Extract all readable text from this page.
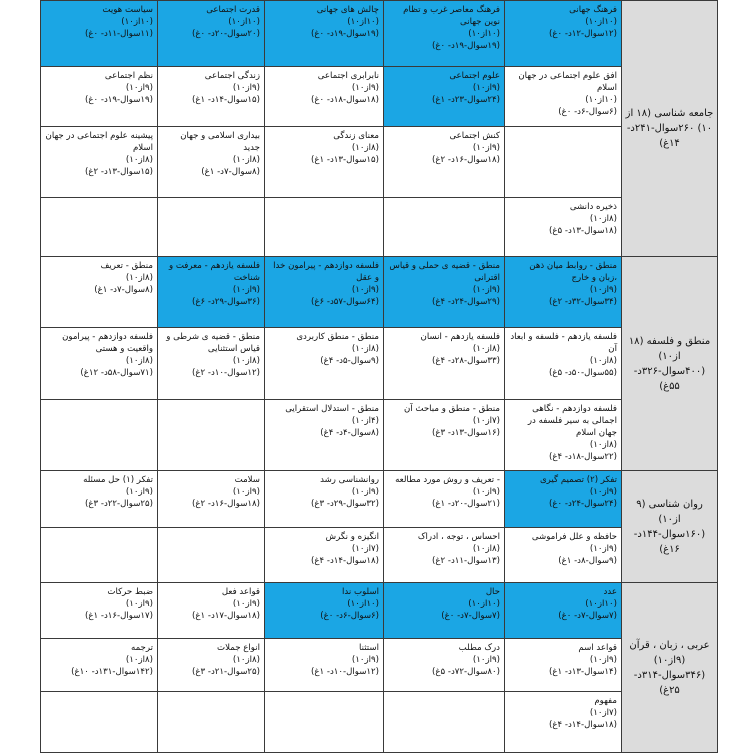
جامعه شناسی (۱۸ از ۱۰) ۲۶۰سوال-۲۴۱د- ۱۴غ)
منطق و فلسفه (۱۸ از۱۰) (۴۰۰سوال-۳۲۶د- ۵۵غ)
روان شناسی (۹ از۱۰) (۱۶۰سوال-۱۴۴د- ۱۶غ)
عربی ، زبان ، قرآن (۹از۱۰) (۳۴۶سوال-۳۱۴د- ۲۵غ)
فرهنگ جهانی
(۱۰از۱۰)
(۱۲سوال-۱۲د- ۰غ)
فرهنگ معاصر غرب و تظام نوین جهانی
(۱۰از۱۰)
(۱۹سوال-۱۹د- ۰غ)
چالش های جهانی
(۱۰از۱۰)
(۱۹سوال-۱۹د- ۰غ)
قدرت اجتماعی
(۱۰از۱۰)
(۲۰سوال-۲۰د- ۰غ)
سیاست هویت
(۱۰از۱۰)
(۱۱سوال-۱۱د- ۰غ)
افق علوم اجتماعی در جهان اسلام
(۱۰از۱۰)
(۶سوال-۶د- ۰غ)
علوم اجتماعی
(۹از۱۰)
(۲۴سوال-۲۳د- ۱غ)
نابرابری اجتماعی
(۹از۱۰)
(۱۸سوال-۱۸د- ۰غ)
زندگی اجتماعی
(۹از۱۰)
(۱۵سوال-۱۴د- ۱غ)
نظم اجتماعی
(۹از۱۰)
(۱۹سوال-۱۹د- ۰غ)
کنش اجتماعی
(۹از۱۰)
(۱۸سوال-۱۶د- ۲غ)
معنای زندگی
(۸از۱۰)
(۱۵سوال-۱۳د- ۱غ)
بیداری اسلامی و جهان جدید
(۸از۱۰)
(۸سوال-۷د- ۱غ)
پیشینه علوم اجتماعی در جهان اسلام
(۸از۱۰)
(۱۵سوال-۱۳د- ۲غ)
ذخیره دانشی
(۸از۱۰)
(۱۸سوال-۱۳د- ۵غ)
منطق - روابط میان ذهن ،زبان و خارج
(۹از۱۰)
(۳۴سوال-۳۲د- ۲غ)
منطق - قضیه ی حملی و قیاس اقترانی
(۹از۱۰)
(۲۹سوال-۲۴د- ۴غ)
فلسفه دوازدهم - پیرامون خدا و عقل
(۹از۱۰)
(۶۴سوال-۵۷د- ۶غ)
فلسفه یازدهم - معرفت و شناخت
(۹از۱۰)
(۳۶سوال-۲۹د- ۶غ)
منطق - تعریف
(۸از۱۰)
(۸سوال-۷د- ۱غ)
فلسفه یازدهم - فلسفه و ابعاد آن
(۸از۱۰)
(۵۵سوال-۵۰د- ۵غ)
فلسفه یازدهم - انسان
(۸از۱۰)
(۳۳سوال-۲۸د- ۴غ)
منطق - منطق کاربردی
(۸از۱۰)
(۹سوال-۵د- ۴غ)
منطق - قضیه ی شرطی و قیاس استثنایی
(۸از۱۰)
(۱۲سوال-۱۰د- ۲غ)
فلسفه دوازدهم - پیرامون واقعیت و هستی
(۸از۱۰)
(۷۱سوال-۵۸د- ۱۲غ)
فلسفه دوازدهم - نگاهی اجمالی به سیر فلسفه در جهان اسلام
(۸از۱۰)
(۲۲سوال-۱۸د- ۴غ)
منطق - منطق و مباحث آن
(۷از۱۰)
(۱۶سوال-۱۳د- ۳غ)
منطق - استدلال استقرایی
(۴از۱۰)
(۸سوال-۴د- ۴غ)
تفکر (۲) تصمیم گیری
(۹از۱۰)
(۲۴سوال-۲۴د- ۰غ)
- تعریف و روش مورد مطالعه
(۹از۱۰)
(۲۱سوال-۲۰د- ۱غ)
روانشناسی رشد
(۹از۱۰)
(۳۲سوال-۲۹د- ۳غ)
سلامت
(۹از۱۰)
(۱۸سوال-۱۶د- ۲غ)
تفکر (۱) حل مسئله
(۹از۱۰)
(۲۵سوال-۲۲د- ۳غ)
حافظه و علل فراموشی
(۹از۱۰)
(۹سوال-۸د- ۱غ)
احساس ، توجه ، ادراک
(۸از۱۰)
(۱۳سوال-۱۱د- ۲غ)
انگیزه و نگرش
(۷از۱۰)
(۱۸سوال-۱۴د- ۴غ)
عدد
(۱۰از۱۰)
(۷سوال-۷د- ۰غ)
حال
(۱۰از۱۰)
(۷سوال-۷د- ۰غ)
اسلوب ندا
(۱۰از۱۰)
(۶سوال-۶د- ۰غ)
قواعد فعل
(۹از۱۰)
(۱۸سوال-۱۷د- ۱غ)
ضبط حرکات
(۹از۱۰)
(۱۷سوال-۱۶د- ۱غ)
قواعد اسم
(۹از۱۰)
(۱۴سوال-۱۳د- ۱غ)
درک مطلب
(۹از۱۰)
(۸۰سوال-۷۲د- ۵غ)
استثنا
(۹از۱۰)
(۱۲سوال-۱۰د- ۱غ)
انواع جملات
(۸از۱۰)
(۲۵سوال-۲۱د- ۳غ)
ترجمه
(۸از۱۰)
(۱۴۲سوال-۱۳۱د- ۱۰غ)
مفهوم
(۷از۱۰)
(۱۸سوال-۱۴د- ۴غ)
